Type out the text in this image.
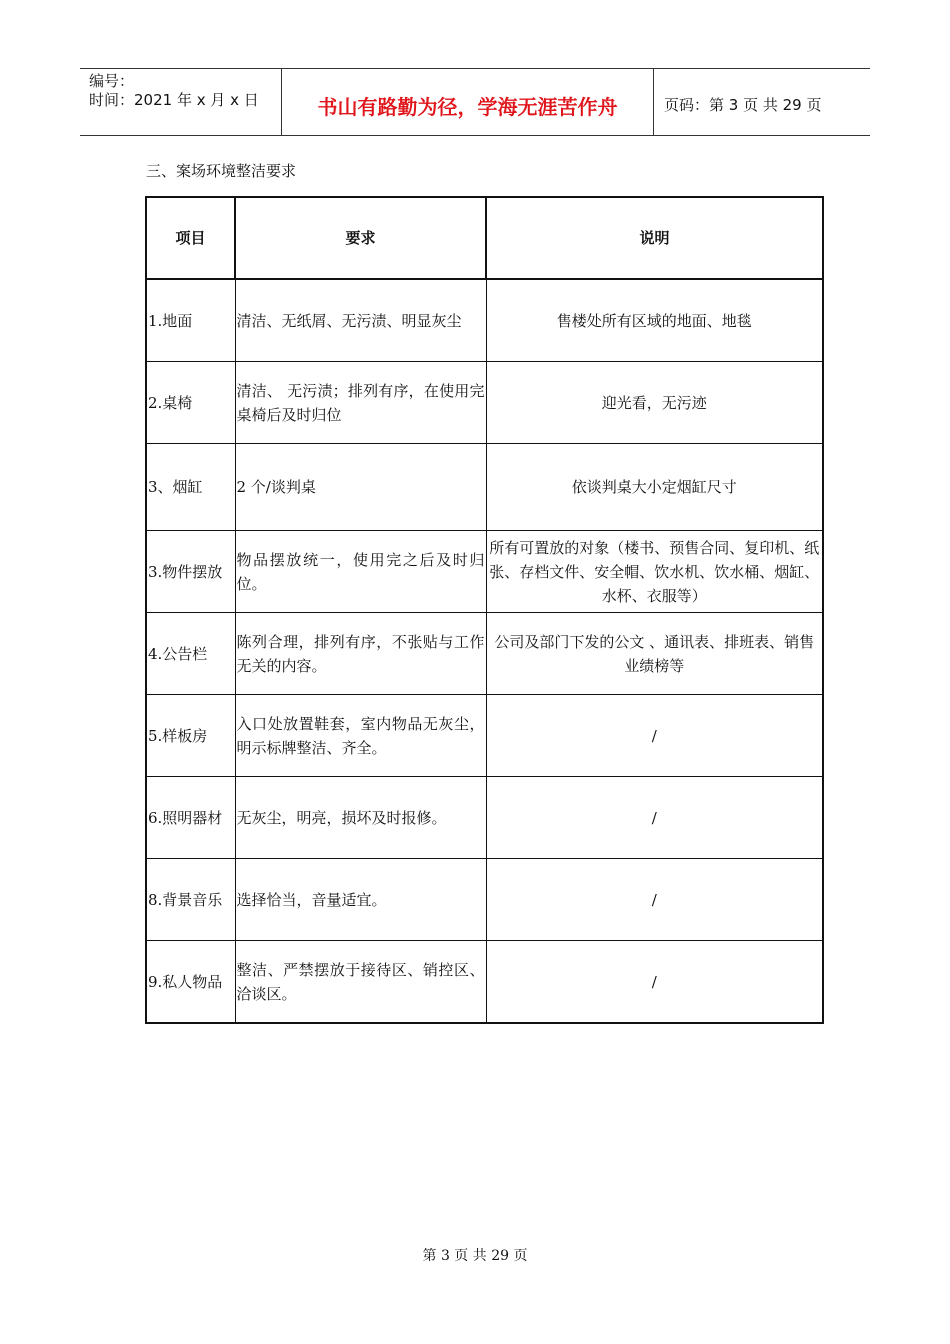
编号：
时间：2021 年 x 月 x 日	书山有路勤为径，学海无涯苦作舟	页码：第 3 页 共 29 页
三、案场环境整洁要求
项目	要求	说明
1.地面	清洁、无纸屑、无污渍、明显灰尘	售楼处所有区域的地面、地毯
2.桌椅	清洁、 无污渍；排列有序，在使用完桌椅后及时归位	迎光看，无污迹
3、烟缸	2 个/谈判桌	依谈判桌大小定烟缸尺寸
3.物件摆放	物品摆放统一，使用完之后及时归位。	所有可置放的对象（楼书、预售合同、复印机、纸张、存档文件、安全帽、饮水机、饮水桶、烟缸、水杯、衣服等）
4.公告栏	陈列合理，排列有序，不张贴与工作无关的内容。	公司及部门下发的公文 、通讯表、排班表、销售业绩榜等
5.样板房	入口处放置鞋套，室内物品无灰尘，明示标牌整洁、齐全。	/
6.照明器材	无灰尘，明亮，损坏及时报修。	/
8.背景音乐	选择恰当，音量适宜。	/
9.私人物品	整洁、严禁摆放于接待区、销控区、洽谈区。	/
第 3 页 共 29 页
